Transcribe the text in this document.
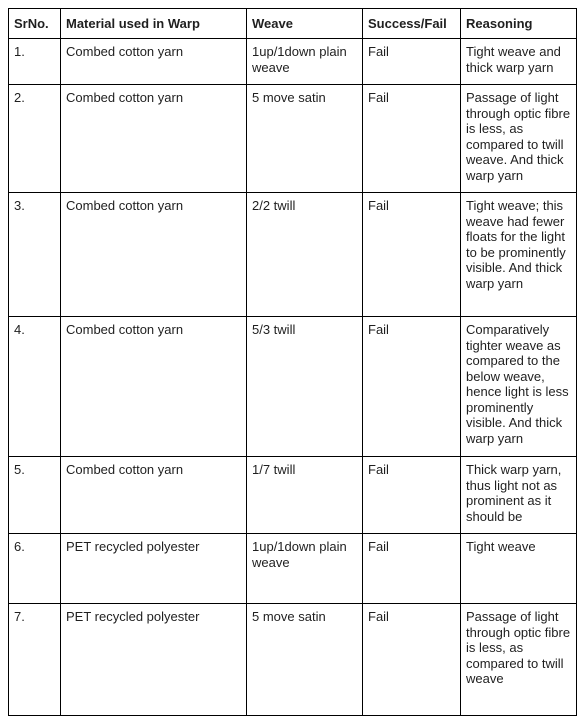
SrNo.	Material used in Warp	Weave	Success/Fail	Reasoning
1.	Combed cotton yarn	1up/1down plain weave	Fail	Tight weave and thick warp yarn
2.	Combed cotton yarn	5 move satin	Fail	Passage of light through optic fibre is less, as compared to twill weave. And thick warp yarn
3.	Combed cotton yarn	2/2 twill	Fail	Tight weave; this weave had fewer floats for the light to be prominently visible. And thick warp yarn
4.	Combed cotton yarn	5/3 twill	Fail	Comparatively tighter weave as compared to the below weave, hence light is less prominently visible. And thick warp yarn
5.	Combed cotton yarn	1/7 twill	Fail	Thick warp yarn, thus light not as prominent as it should be
6.	PET recycled polyester	1up/1down plain weave	Fail	Tight weave
7.	PET recycled polyester	5 move satin	Fail	Passage of light through optic fibre is less, as compared to twill weave
